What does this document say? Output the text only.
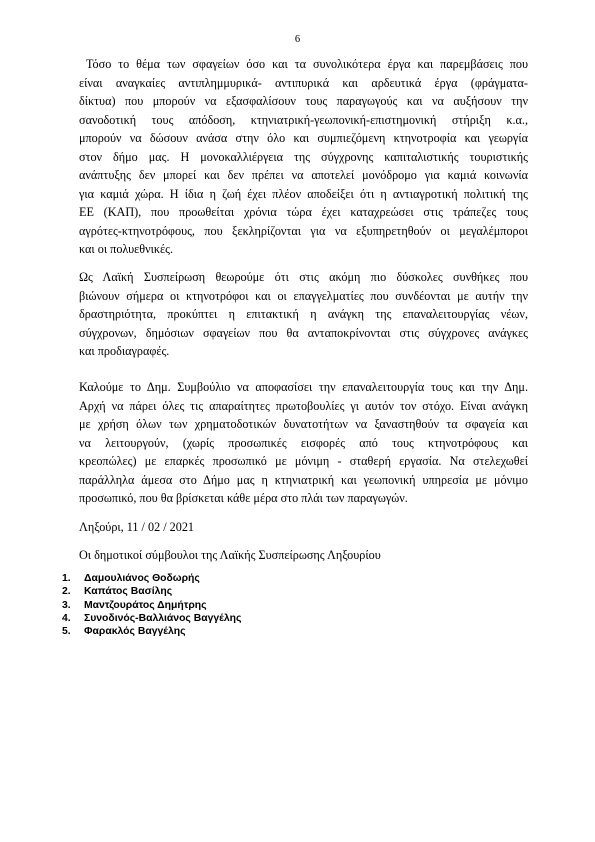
6
Τόσο το θέμα των σφαγείων όσο και τα συνολικότερα έργα και παρεμβάσεις που
είναι αναγκαίες αντιπλημμυρικά- αντιπυρικά και αρδευτικά έργα (φράγματα-
δίκτυα) που μπορούν να εξασφαλίσουν τους παραγωγούς και να αυξήσουν την
σανοδοτική τους απόδοση, κτηνιατρική-γεωπονική-επιστημονική στήριξη κ.α.,
μπορούν να δώσουν ανάσα στην όλο και συμπιεζόμενη κτηνοτροφία και γεωργία
στον δήμο μας. Η μονοκαλλιέργεια της σύγχρονης καπιταλιστικής τουριστικής
ανάπτυξης δεν μπορεί και δεν πρέπει να αποτελεί μονόδρομο για καμιά κοινωνία
για καμιά χώρα. Η ίδια η ζωή έχει πλέον αποδείξει ότι η αντιαγροτική πολιτική της
ΕΕ (ΚΑΠ), που προωθείται χρόνια τώρα έχει καταχρεώσει στις τράπεζες τους
αγρότες-κτηνοτρόφους, που ξεκληρίζονται για να εξυπηρετηθούν οι μεγαλέμποροι
και οι πολυεθνικές.
Ως Λαϊκή Συσπείρωση θεωρούμε ότι στις ακόμη πιο δύσκολες συνθήκες που
βιώνουν σήμερα οι κτηνοτρόφοι και οι επαγγελματίες που συνδέονται με αυτήν την
δραστηριότητα, προκύπτει η επιτακτική η ανάγκη της επαναλειτουργίας νέων,
σύγχρονων, δημόσιων σφαγείων που θα ανταποκρίνονται στις σύγχρονες ανάγκες
και προδιαγραφές.
Καλούμε το Δημ. Συμβούλιο να αποφασίσει την επαναλειτουργία τους και την Δημ.
Αρχή να πάρει όλες τις απαραίτητες πρωτοβουλίες γι αυτόν τον στόχο. Είναι ανάγκη
με χρήση όλων των χρηματοδοτικών δυνατοτήτων να ξαναστηθούν τα σφαγεία και
να λειτουργούν, (χωρίς προσωπικές εισφορές από τους κτηνοτρόφους και
κρεοπώλες) με επαρκές προσωπικό με μόνιμη - σταθερή εργασία. Να στελεχωθεί
παράλληλα άμεσα στο Δήμο μας η κτηνιατρική και γεωπονική υπηρεσία με μόνιμο
προσωπικό, που θα βρίσκεται κάθε μέρα στο πλάι των παραγωγών.
Ληξούρι, 11 / 02 / 2021
Οι δημοτικοί σύμβουλοι της Λαϊκής Συσπείρωσης Ληξουρίου
1. Δαμουλιάνος Θοδωρής
2. Καπάτος Βασίλης
3. Μαντζουράτος Δημήτρης
4. Συνοδινός-Βαλλιάνος Βαγγέλης
5. Φαρακλός Βαγγέλης
